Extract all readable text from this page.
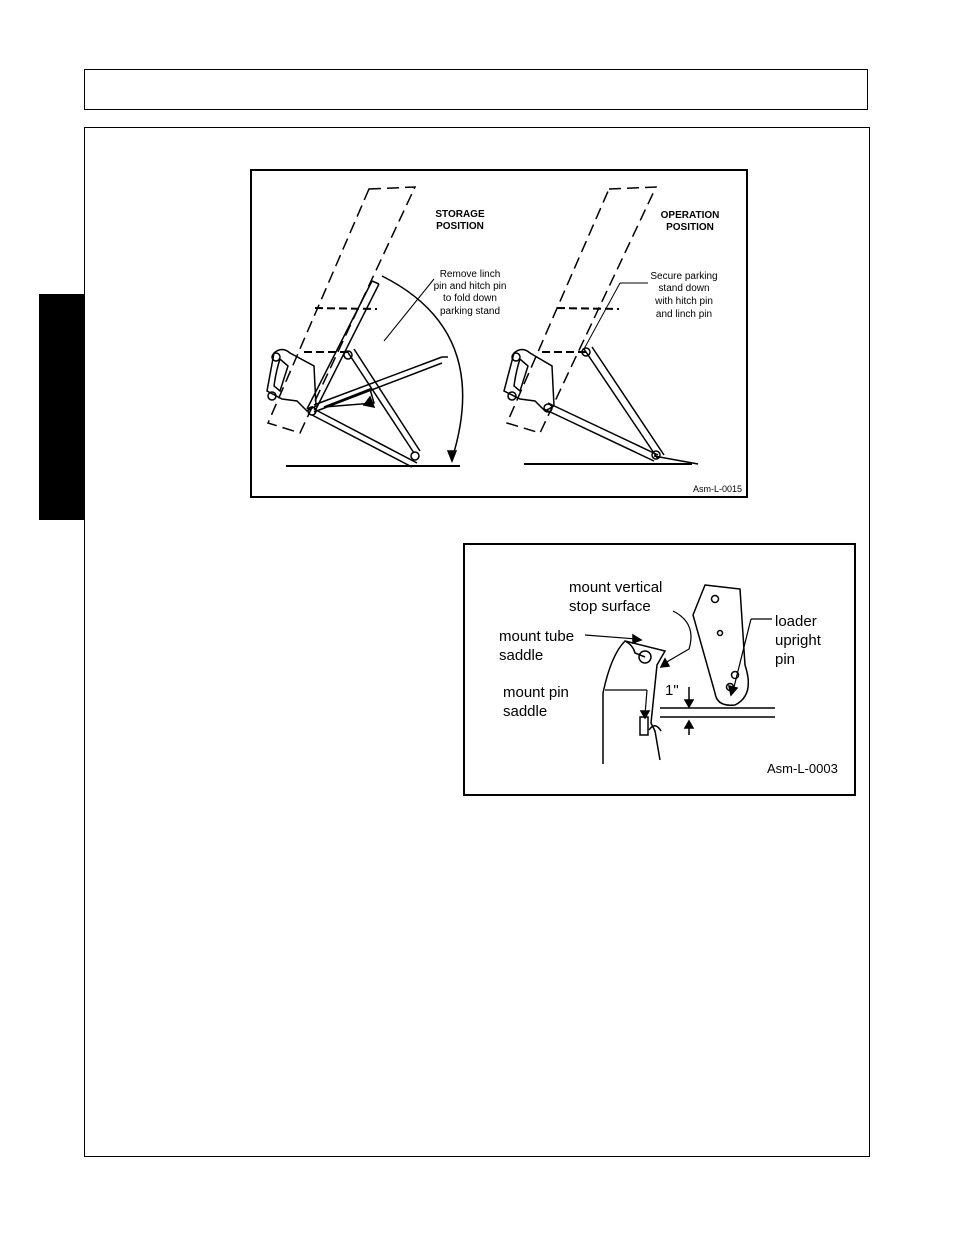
STORAGE
POSITION
OPERATION
POSITION
Remove linch
pin and hitch pin
to fold down
parking stand
Secure parking
stand down
with hitch pin
and linch pin
Asm-L-0015
mount vertical
stop surface
mount tube
saddle
mount pin
saddle
loader
upright
pin
1"
Asm-L-0003
